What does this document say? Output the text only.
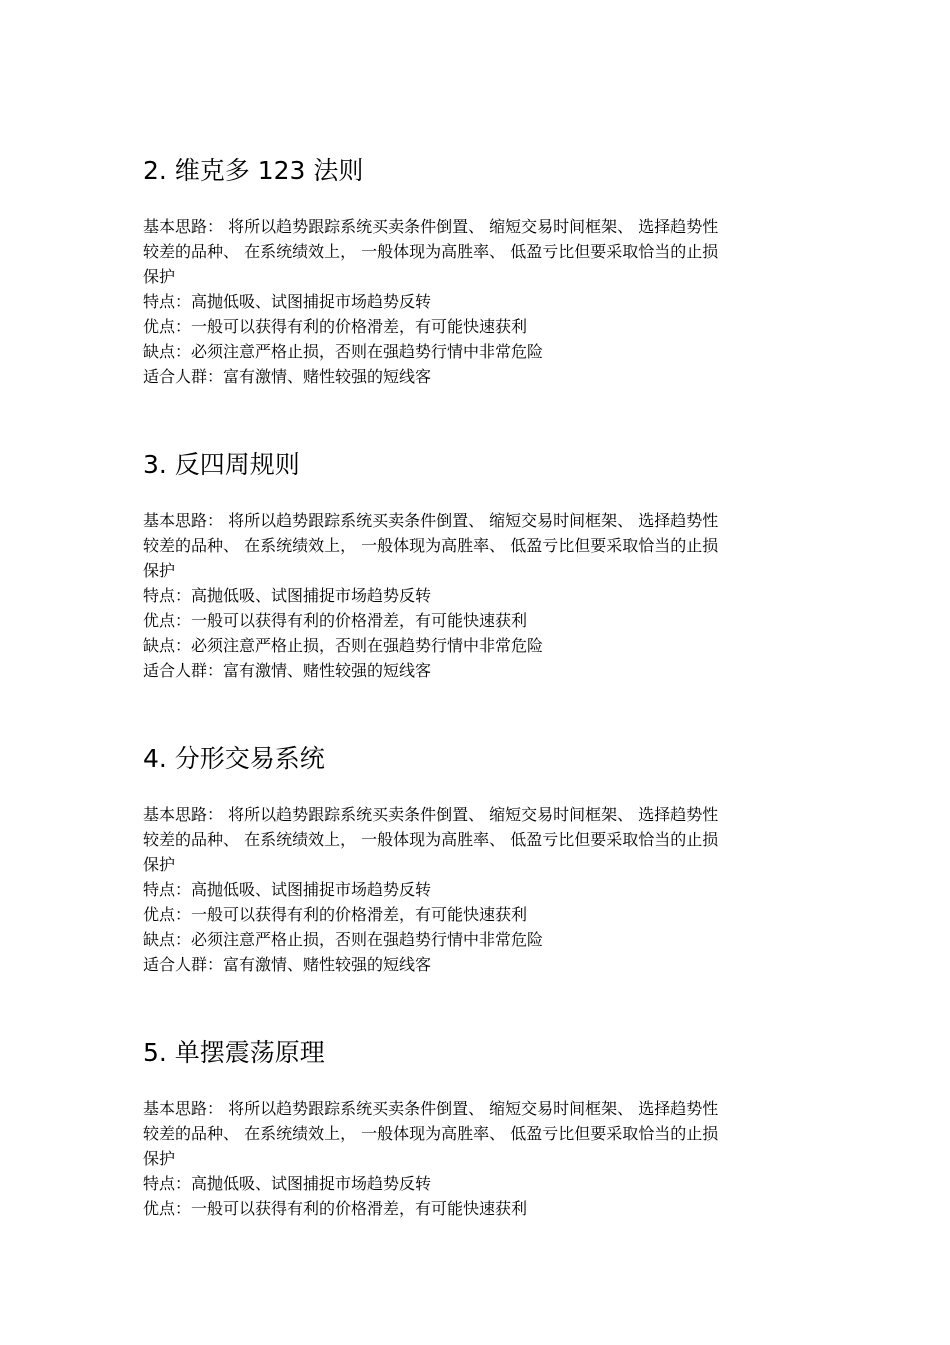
2. 维克多 123 法则
基本思路： 将所以趋势跟踪系统买卖条件倒置、 缩短交易时间框架、 选择趋势性
较差的品种、 在系统绩效上， 一般体现为高胜率、 低盈亏比但要采取恰当的止损
保护
特点：高抛低吸、试图捕捉市场趋势反转
优点：一般可以获得有利的价格滑差，有可能快速获利
缺点：必须注意严格止损，否则在强趋势行情中非常危险
适合人群：富有激情、赌性较强的短线客
3. 反四周规则
基本思路： 将所以趋势跟踪系统买卖条件倒置、 缩短交易时间框架、 选择趋势性
较差的品种、 在系统绩效上， 一般体现为高胜率、 低盈亏比但要采取恰当的止损
保护
特点：高抛低吸、试图捕捉市场趋势反转
优点：一般可以获得有利的价格滑差，有可能快速获利
缺点：必须注意严格止损，否则在强趋势行情中非常危险
适合人群：富有激情、赌性较强的短线客
4. 分形交易系统
基本思路： 将所以趋势跟踪系统买卖条件倒置、 缩短交易时间框架、 选择趋势性
较差的品种、 在系统绩效上， 一般体现为高胜率、 低盈亏比但要采取恰当的止损
保护
特点：高抛低吸、试图捕捉市场趋势反转
优点：一般可以获得有利的价格滑差，有可能快速获利
缺点：必须注意严格止损，否则在强趋势行情中非常危险
适合人群：富有激情、赌性较强的短线客
5. 单摆震荡原理
基本思路： 将所以趋势跟踪系统买卖条件倒置、 缩短交易时间框架、 选择趋势性
较差的品种、 在系统绩效上， 一般体现为高胜率、 低盈亏比但要采取恰当的止损
保护
特点：高抛低吸、试图捕捉市场趋势反转
优点：一般可以获得有利的价格滑差，有可能快速获利
